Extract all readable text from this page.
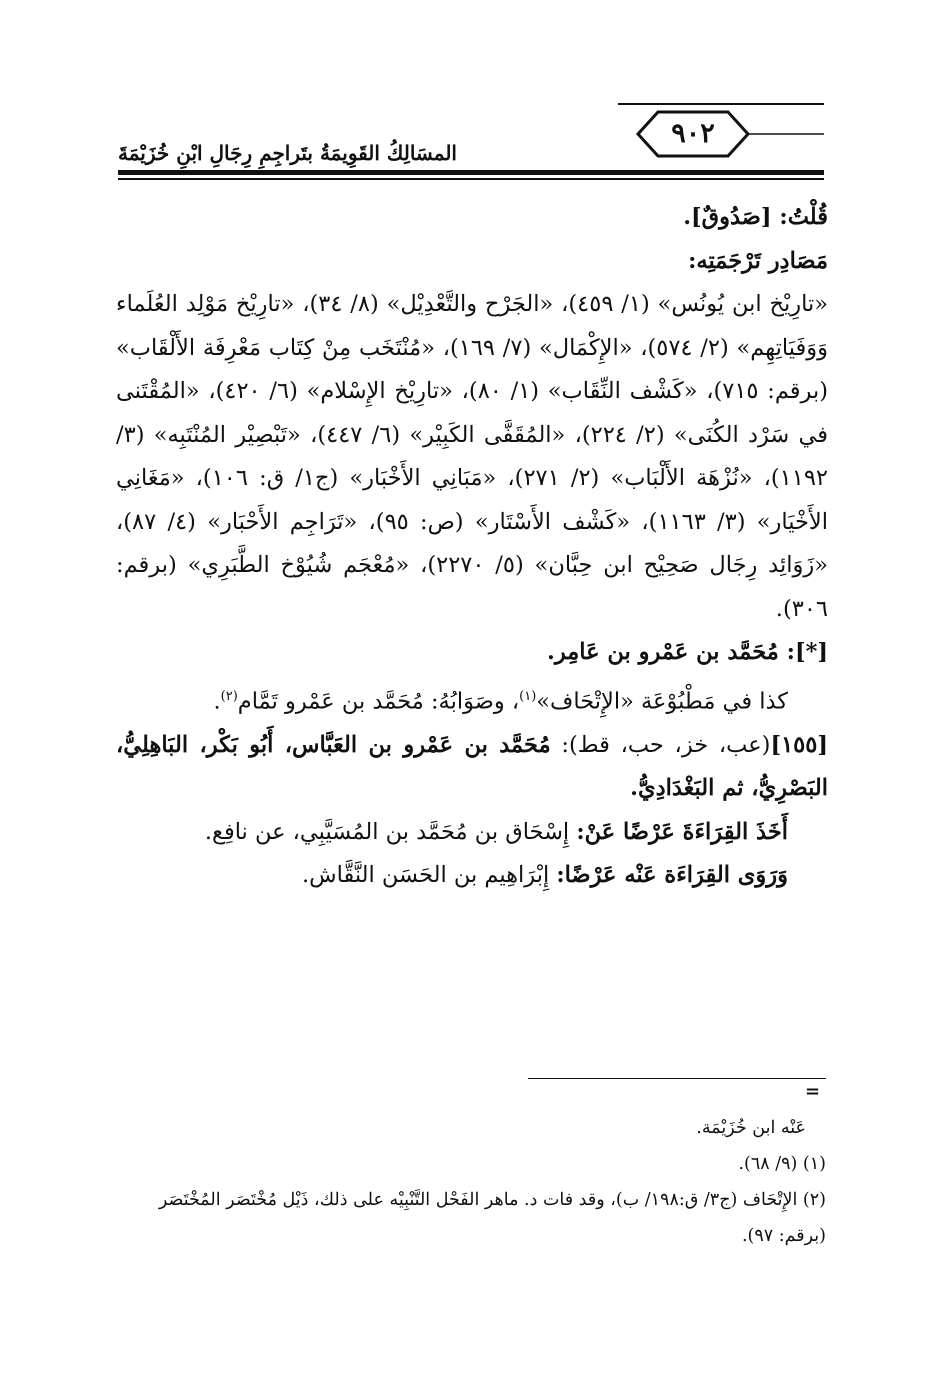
٩٠٢
المسَالِكُ القَوِيمَةُ بتَراجِمِ رِجَالِ ابْنِ خُزَيْمَةَ

قُلْتُ: [صَدُوقٌ].

مَصَادِر تَرْجَمَتِه:

«تارِيْخ ابن يُونُس» (١/ ٤٥٩)، «الجَرْح والتَّعْدِيْل» (٨/ ٣٤)، «تارِيْخ مَوْلِد العُلَماء وَوَفَيَاتِهِم» (٢/ ٥٧٤)، «الإِكْمَال» (٧/ ١٦٩)، «مُنْتَخَب مِنْ كِتَاب مَعْرِفَة الأَلْقَاب» (برقم: ٧١٥)، «كَشْف النِّقَاب» (١/ ٨٠)، «تارِيْخ الإِسْلام» (٦/ ٤٢٠)، «المُقْتَنى في سَرْد الكُنَى» (٢/ ٢٢٤)، «المُقَفَّى الكَبِيْر» (٦/ ٤٤٧)، «تَبْصِيْر المُنْتَبِه» (٣/ ١١٩٢)، «نُزْهَة الأَلْبَاب» (٢/ ٢٧١)، «مَبَانِي الأَخْبَار» (ج١/ ق: ١٠٦)، «مَغَانِي الأَخْيَار» (٣/ ١١٦٣)، «كَشْف الأَسْتَار» (ص: ٩٥)، «تَرَاجِم الأَحْبَار» (٤/ ٨٧)، «زَوَائِد رِجَال صَحِيْح ابن حِبَّان» (٥/ ٢٢٧٠)، «مُعْجَم شُيُوْخ الطَّبَرِي» (برقم: ٣٠٦).

[*]: مُحَمَّد بن عَمْرو بن عَامِر.

كذا في مَطْبُوْعَة «الإِتْحَاف»$^{(١)}$، وصَوَابُهُ: مُحَمَّد بن عَمْرو تَمَّام$^{(٢)}$.

[١٥٥](عب، خز، حب، قط): مُحَمَّد بن عَمْرو بن العَبَّاس، أَبُو بَكْر، البَاهِلِيُّ، البَصْرِيُّ، ثم البَغْدَادِيُّ.

أَخَذَ القِرَاءَةَ عَرْضًا عَنْ: إِسْحَاق بن مُحَمَّد بن المُسَيَّبِي، عن نافِع.

وَرَوَى القِرَاءَة عَنْه عَرْضًا: إِبْرَاهِيم بن الحَسَن النَّقَّاش.

=

عَنْه ابن خُزَيْمَة.

(١) (٩/ ٦٨).

(٢) الإِتْحَاف (ج٣/ ق:١٩٨/ ب)، وقد فات د. ماهر الفَحْل التَّنْبِيْه على ذلك، ذَيْل مُخْتَصَر المُخْتَصَر (برقم: ٩٧).
